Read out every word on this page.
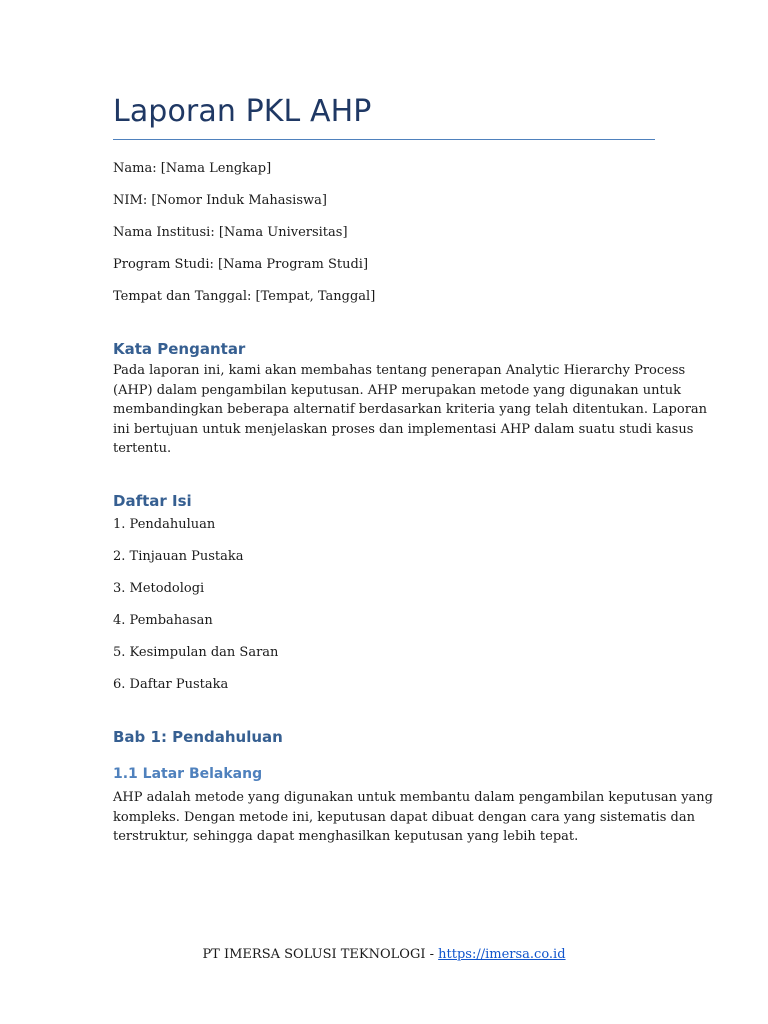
Laporan PKL AHP
Nama: [Nama Lengkap]
NIM: [Nomor Induk Mahasiswa]
Nama Institusi: [Nama Universitas]
Program Studi: [Nama Program Studi]
Tempat dan Tanggal: [Tempat, Tanggal]
Kata Pengantar
Pada laporan ini, kami akan membahas tentang penerapan Analytic Hierarchy Process
(AHP) dalam pengambilan keputusan. AHP merupakan metode yang digunakan untuk
membandingkan beberapa alternatif berdasarkan kriteria yang telah ditentukan. Laporan
ini bertujuan untuk menjelaskan proses dan implementasi AHP dalam suatu studi kasus
tertentu.
Daftar Isi
1. Pendahuluan
2. Tinjauan Pustaka
3. Metodologi
4. Pembahasan
5. Kesimpulan dan Saran
6. Daftar Pustaka
Bab 1: Pendahuluan
1.1 Latar Belakang
AHP adalah metode yang digunakan untuk membantu dalam pengambilan keputusan yang
kompleks. Dengan metode ini, keputusan dapat dibuat dengan cara yang sistematis dan
terstruktur, sehingga dapat menghasilkan keputusan yang lebih tepat.
PT IMERSA SOLUSI TEKNOLOGI - https://imersa.co.id
